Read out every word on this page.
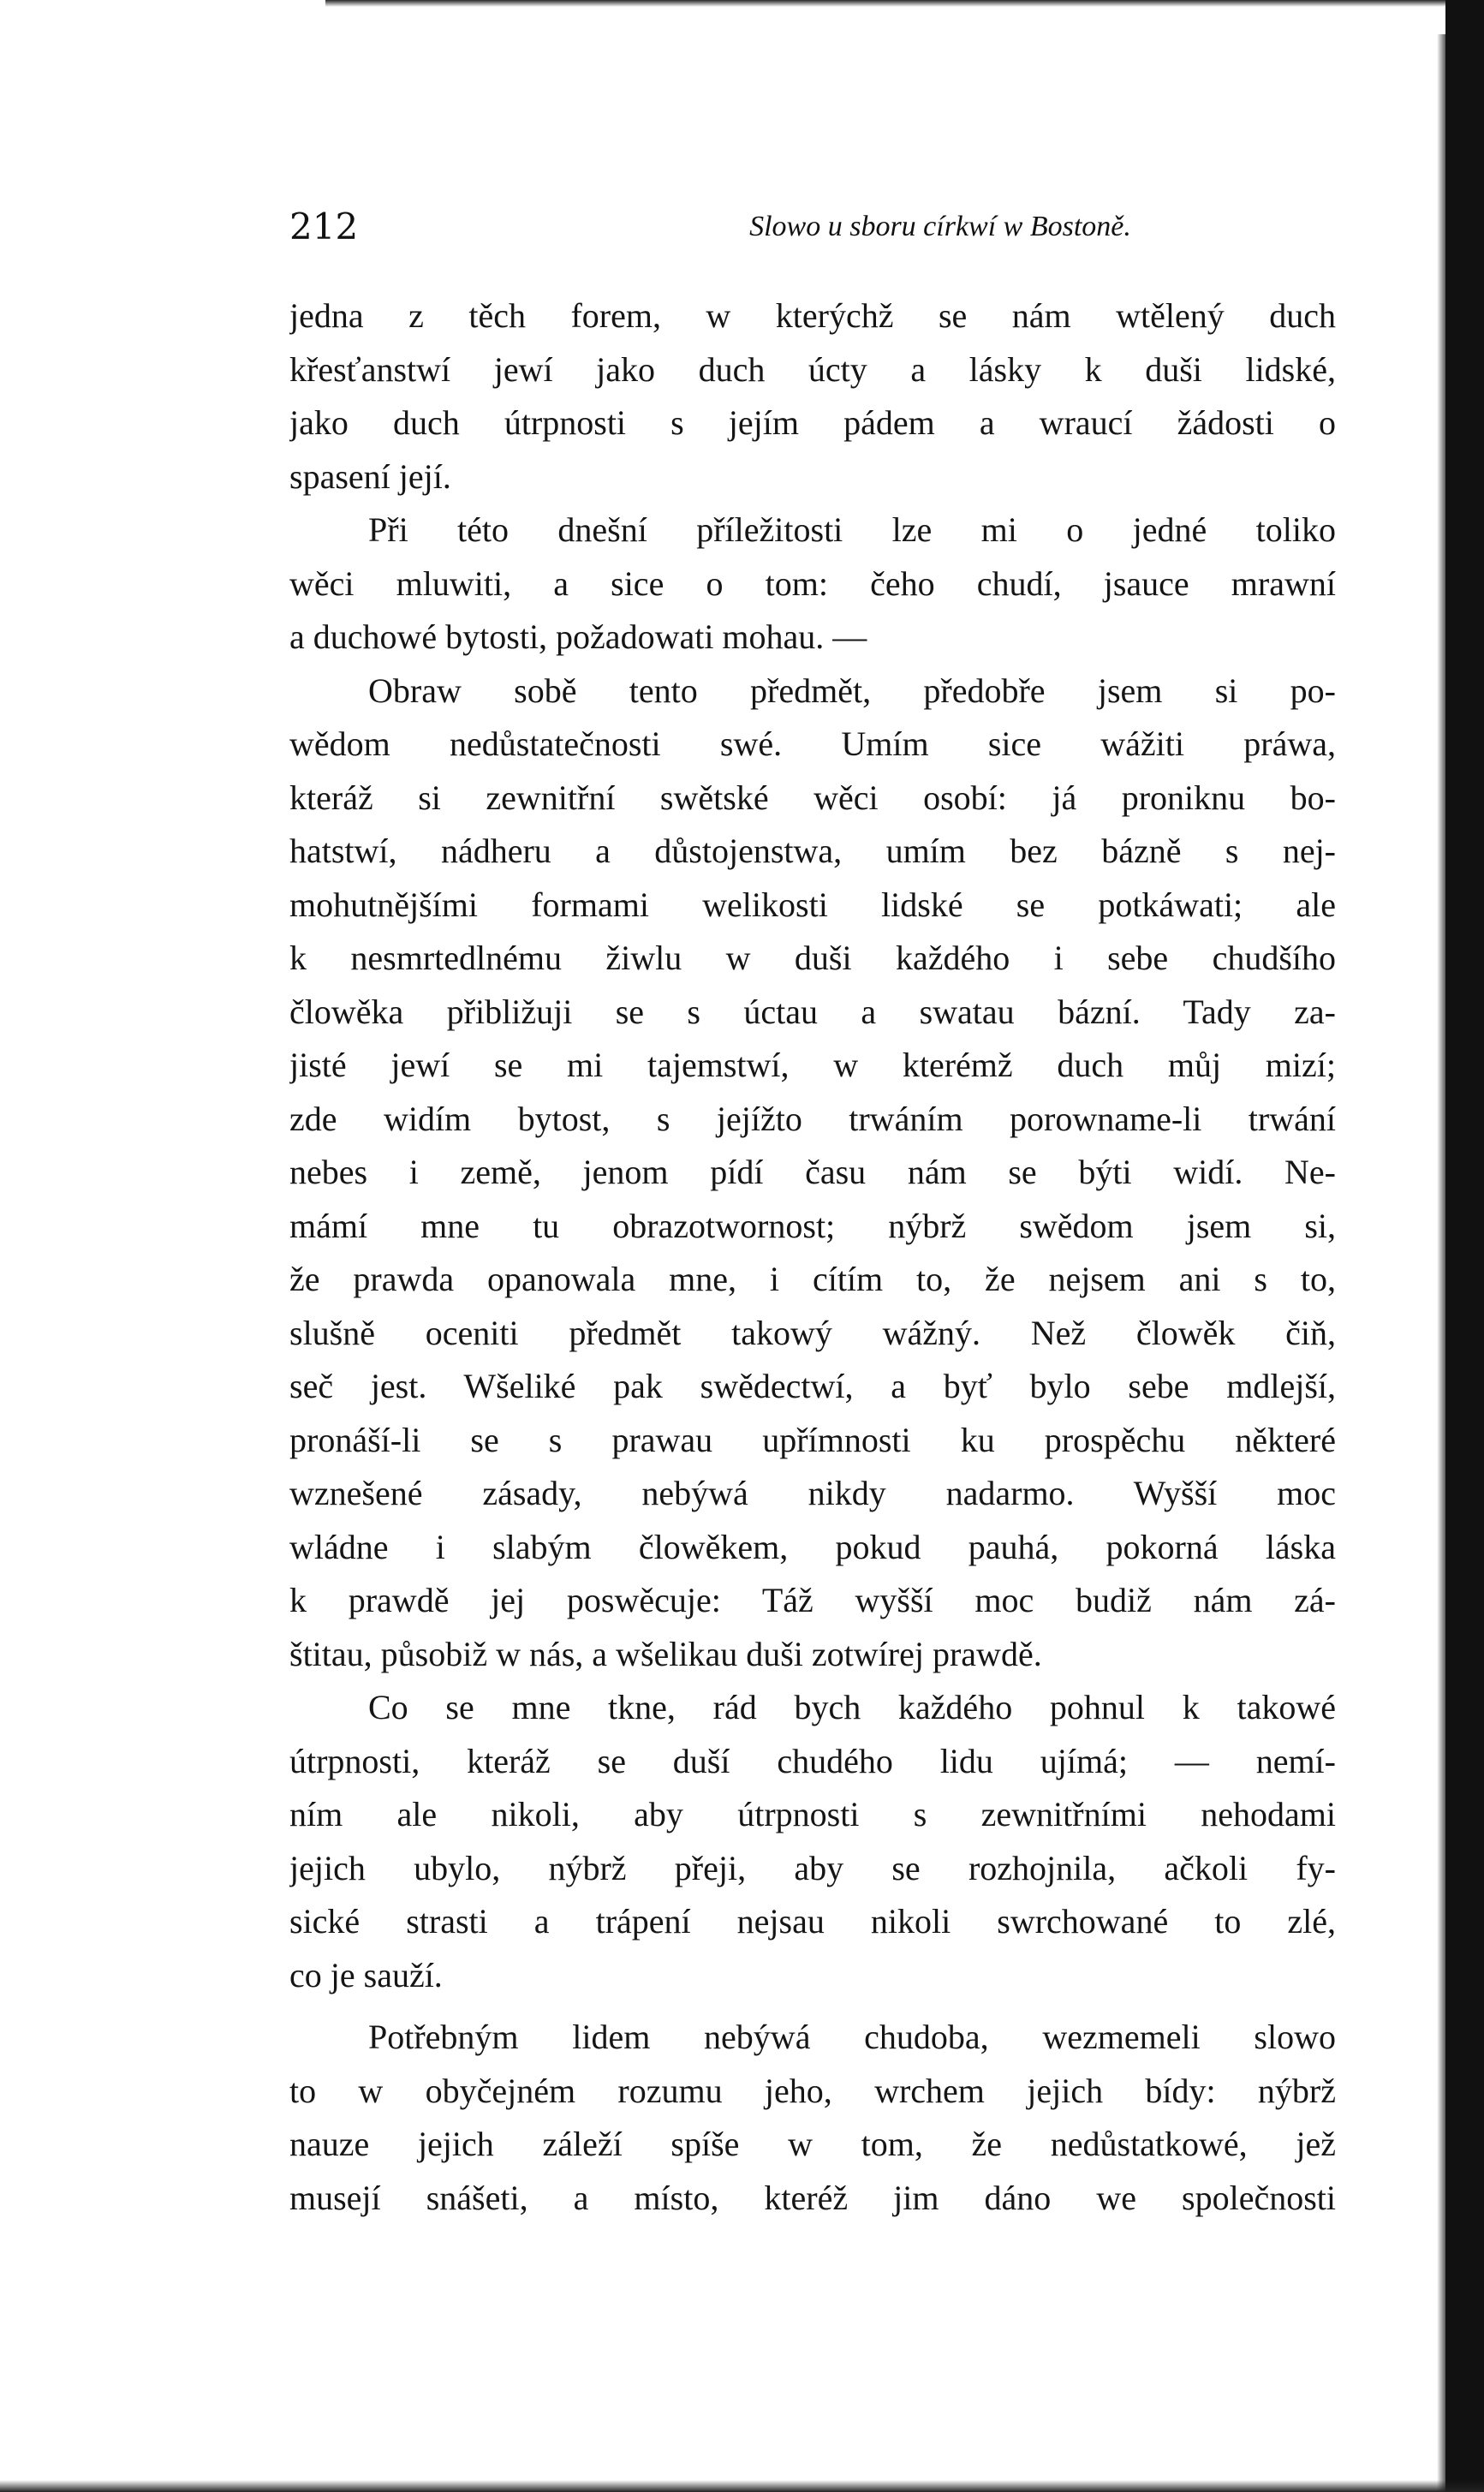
212	Slowo u sboru církwí w Bostoně.
jedna z těch forem, w kterýchž se nám wtělený duch
křesťanstwí jewí jako duch úcty a lásky k duši lidské,
jako duch útrpnosti s jejím pádem a wraucí žádosti o
spasení její.
Při této dnešní příležitosti lze mi o jedné toliko
wěci mluwiti, a sice o tom: čeho chudí, jsauce mrawní
a duchowé bytosti, požadowati mohau. —
Obraw sobě tento předmět, předobře jsem si po-
wědom nedůstatečnosti swé. Umím sice wážiti práwa,
kteráž si zewnitřní swětské wěci osobí: já proniknu bo-
hatstwí, nádheru a důstojenstwa, umím bez bázně s nej-
mohutnějšími formami welikosti lidské se potkáwati; ale
k nesmrtedlnému žiwlu w duši každého i sebe chudšího
člowěka přibližuji se s úctau a swatau bázní. Tady za-
jisté jewí se mi tajemstwí, w kterémž duch můj mizí;
zde widím bytost, s jejížto trwáním porowname-li trwání
nebes i země, jenom pídí času nám se býti widí. Ne-
mámí mne tu obrazotwornost; nýbrž swědom jsem si,
že prawda opanowala mne, i cítím to, že nejsem ani s to,
slušně oceniti předmět takowý wážný. Než člowěk čiň,
seč jest. Wšeliké pak swědectwí, a byť bylo sebe mdlejší,
pronáší-li se s prawau upřímnosti ku prospěchu některé
wznešené zásady, nebýwá nikdy nadarmo. Wyšší moc
wládne i slabým člowěkem, pokud pauhá, pokorná láska
k prawdě jej poswěcuje: Táž wyšší moc budiž nám zá-
štitau, působiž w nás, a wšelikau duši zotwírej prawdě.
Co se mne tkne, rád bych každého pohnul k takowé
útrpnosti, kteráž se duší chudého lidu ujímá; — nemí-
ním ale nikoli, aby útrpnosti s zewnitřními nehodami
jejich ubylo, nýbrž přeji, aby se rozhojnila, ačkoli fy-
sické strasti a trápení nejsau nikoli swrchowané to zlé,
co je sauží.
Potřebným lidem nebýwá chudoba, wezmemeli slowo
to w obyčejném rozumu jeho, wrchem jejich bídy: nýbrž
nauze jejich záleží spíše w tom, že nedůstatkowé, jež
musejí snášeti, a místo, kteréž jim dáno we společnosti
